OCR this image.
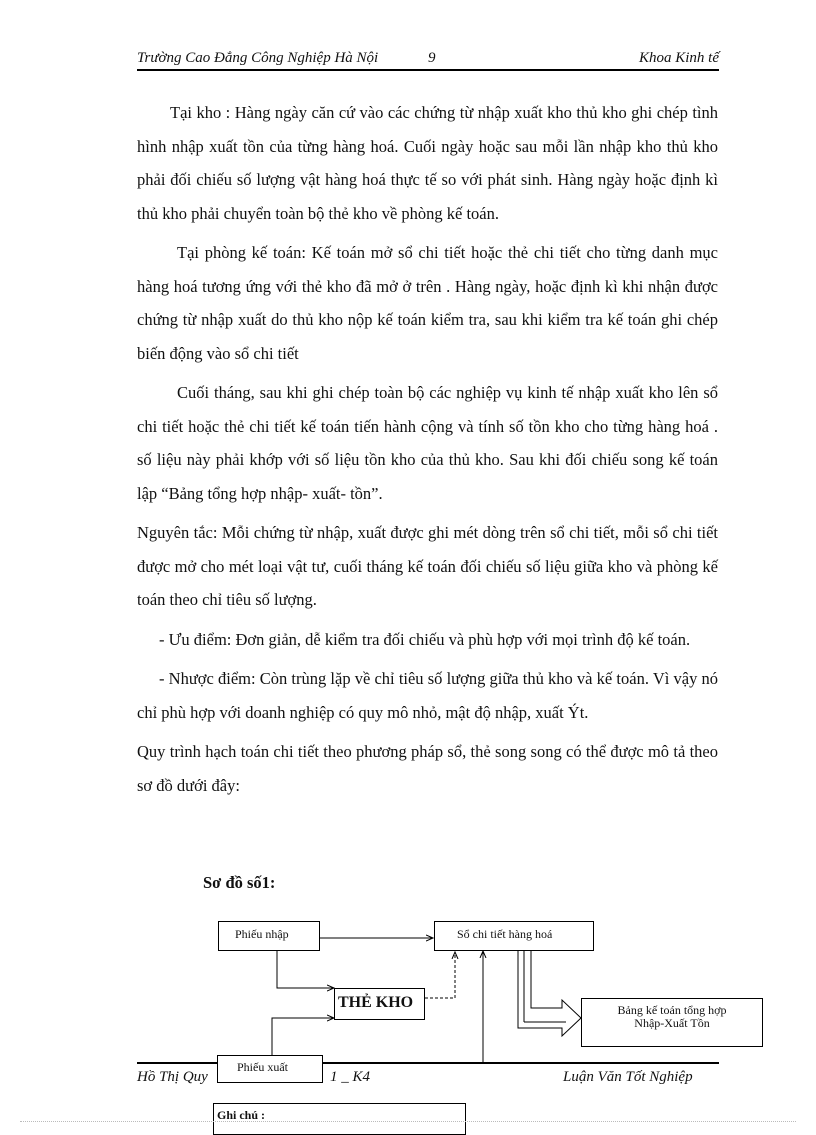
Trường Cao Đẳng Công Nghiệp Hà Nội	9	Khoa Kinh tế

Tại kho : Hàng ngày căn cứ vào các chứng từ nhập xuất kho thủ kho ghi chép tình hình nhập xuất tồn của từng hàng hoá. Cuối ngày hoặc sau mỗi lần nhập kho thủ kho phải đối chiếu số lượng vật hàng hoá thực tế so với phát sinh. Hàng ngày hoặc định kì thủ kho phải chuyển toàn bộ thẻ kho về phòng kế toán.

Tại phòng kế toán: Kế toán mở sổ chi tiết hoặc thẻ chi tiết cho từng danh mục hàng hoá tương ứng với thẻ kho đã mở ở trên . Hàng ngày, hoặc định kì khi nhận được chứng từ nhập xuất do thủ kho nộp kế toán kiểm tra, sau khi kiểm tra kế toán ghi chép biến động vào sổ chi tiết

Cuối tháng, sau khi ghi chép toàn bộ các nghiệp vụ kinh tế nhập xuất kho lên sổ chi tiết hoặc thẻ chi tiết kế toán tiến hành cộng và tính số tồn kho cho từng hàng hoá . số liệu này phải khớp với số liệu tồn kho của thủ kho. Sau khi đối chiếu song kế toán lập “Bảng tổng hợp nhập- xuất- tồn”.

Nguyên tắc: Mỗi chứng từ nhập, xuất được ghi mét dòng trên sổ chi tiết, mỗi sổ chi tiết được mở cho mét loại vật tư, cuối tháng kế toán đối chiếu số liệu giữa kho và phòng kế toán theo chỉ tiêu số lượng.

- Ưu điểm: Đơn giản, dễ kiểm tra đối chiếu và phù hợp với mọi trình độ kế toán.

- Nhược điểm: Còn trùng lặp về chỉ tiêu số lượng giữa thủ kho và kế toán. Vì vậy nó chỉ phù hợp với doanh nghiệp có quy mô nhỏ, mật độ nhập, xuất Ýt.

Quy trình hạch toán chi tiết theo phương pháp sổ, thẻ song song có thể được mô tả theo sơ đồ dưới đây:

Sơ đồ số1:
Phiếu nhập	Sổ chi tiết hàng hoá
THẺ KHO	Bảng kế toán tổng hợp
Nhập-Xuất Tồn
Hồ Thị Quy	1 _ K4	Luận Văn Tốt Nghiệp
Phiếu xuất
Ghi chú :
